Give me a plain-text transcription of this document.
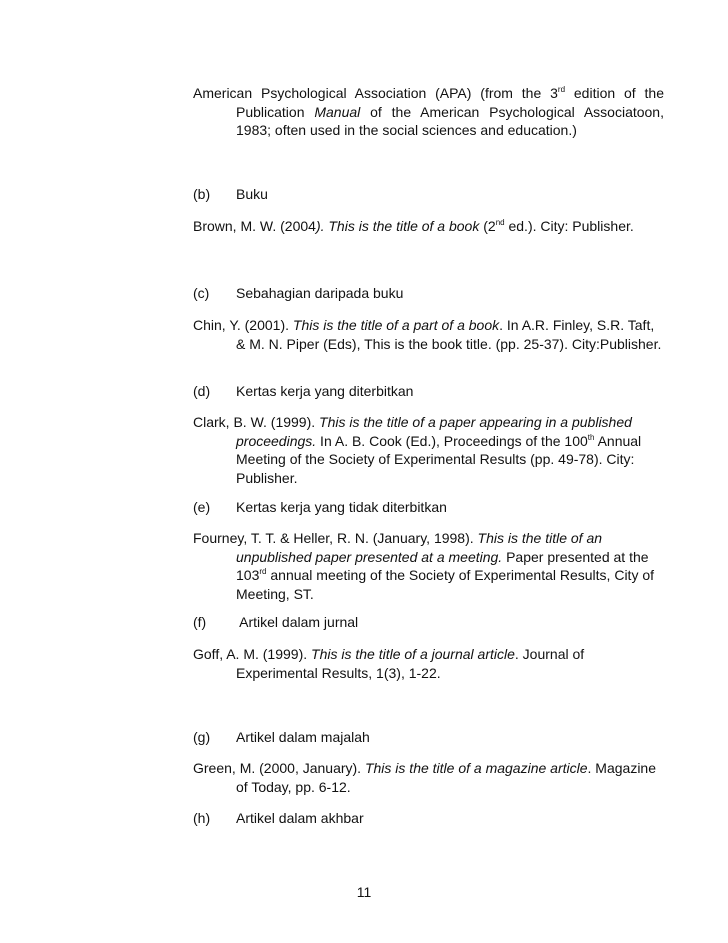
American Psychological Association (APA) (from the 3rd edition of the Publication Manual of the American Psychological Associatoon, 1983; often used in the social sciences and education.)
(b) Buku
Brown, M. W. (2004). This is the title of a book (2nd ed.). City: Publisher.
(c) Sebahagian daripada buku
Chin, Y. (2001). This is the title of a part of a book. In A.R. Finley, S.R. Taft, & M. N. Piper (Eds), This is the book title. (pp. 25-37). City:Publisher.
(d) Kertas kerja yang diterbitkan
Clark, B. W. (1999). This is the title of a paper appearing in a published proceedings. In A. B. Cook (Ed.), Proceedings of the 100th Annual Meeting of the Society of Experimental Results (pp. 49-78). City: Publisher.
(e) Kertas kerja yang tidak diterbitkan
Fourney, T. T. & Heller, R. N. (January, 1998). This is the title of an unpublished paper presented at a meeting. Paper presented at the 103rd annual meeting of the Society of Experimental Results, City of Meeting, ST.
(f) Artikel dalam jurnal
Goff, A. M. (1999). This is the title of a journal article. Journal of Experimental Results, 1(3), 1-22.
(g) Artikel dalam majalah
Green, M. (2000, January). This is the title of a magazine article. Magazine of Today, pp. 6-12.
(h) Artikel dalam akhbar
11
